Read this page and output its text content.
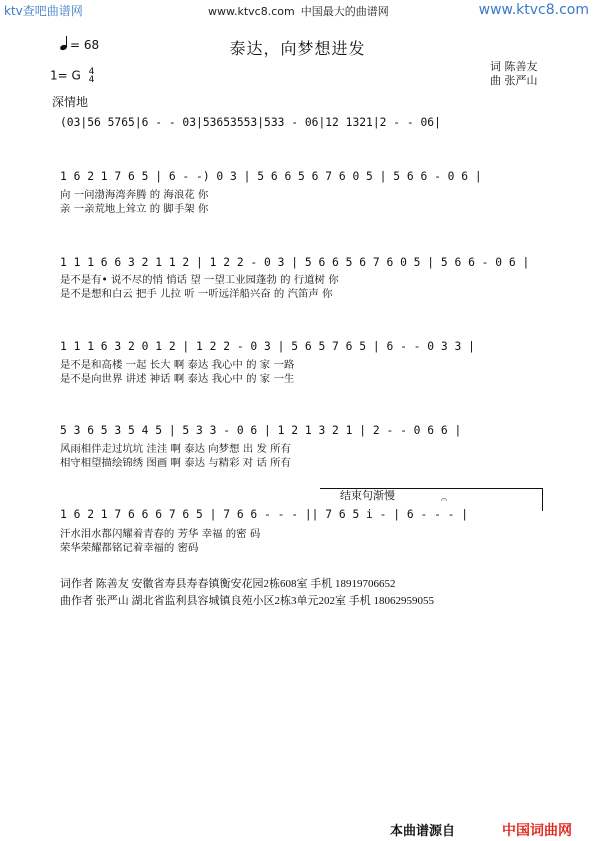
ktv查吧曲谱网	www.ktvc8.com 中国最大的曲谱网	www.ktvc8.com
= 68	泰达，向梦想进发
词 陈善友
曲 张严山
1= G 4
4
深情地
(03|56 5765|6 - - 03|53653553|533 - 06|12 1321|2 - - 06|
1 6 2 1 7 6 5 | 6 - -) 0 3 | 5 6 6 5 6 7 6 0 5 | 5 6 6 - 0 6 |
向 一问渤海湾奔腾 的 海浪花 你
亲 一亲荒地上耸立 的 脚手架 你
1 1 1 6 6 3 2 1 1 2 | 1 2 2 - 0 3 | 5 6 6 5 6 7 6 0 5 | 5 6 6 - 0 6 |
是不是有• 说不尽的悄 悄话 望 一望工业园蓬勃 的 行道树 你
是不是想和白云 把手 儿拉 听 一听远洋船兴奋 的 汽笛声 你
1 1 1 6 3 2 0 1 2 | 1 2 2 - 0 3 | 5 6 5 7 6 5 | 6 - - 0 3 3 |
是不是和高楼 一起 长大 啊 泰达 我心中 的 家 一路
是不是向世界 讲述 神话 啊 泰达 我心中 的 家 一生
5 3 6 5 3 5 4 5 | 5 3 3 - 0 6 | 1 2 1 3 2 1 | 2 - - 0 6 6 |
风雨相伴走过坑坑 洼洼 啊 泰达 向梦想 出 发 所有
相守相望描绘锦绣 图画 啊 泰达 与精彩 对 话 所有
结束句渐慢	𝄐
1 6 2 1 7 6 6 6 7 6 5 | 7 6 6 - - - || 7 6 5 i - | 6 - - - |
汗水泪水都闪耀着青春的 芳华 幸福 的密 码
荣华荣耀都铭记着幸福的 密码
词作者 陈善友 安徽省寿县寿春镇衡安花园2栋608室 手机 18919706652
曲作者 张严山 湖北省监利县容城镇良苑小区2栋3单元202室 手机 18062959055
本曲谱源自	中国词曲网
